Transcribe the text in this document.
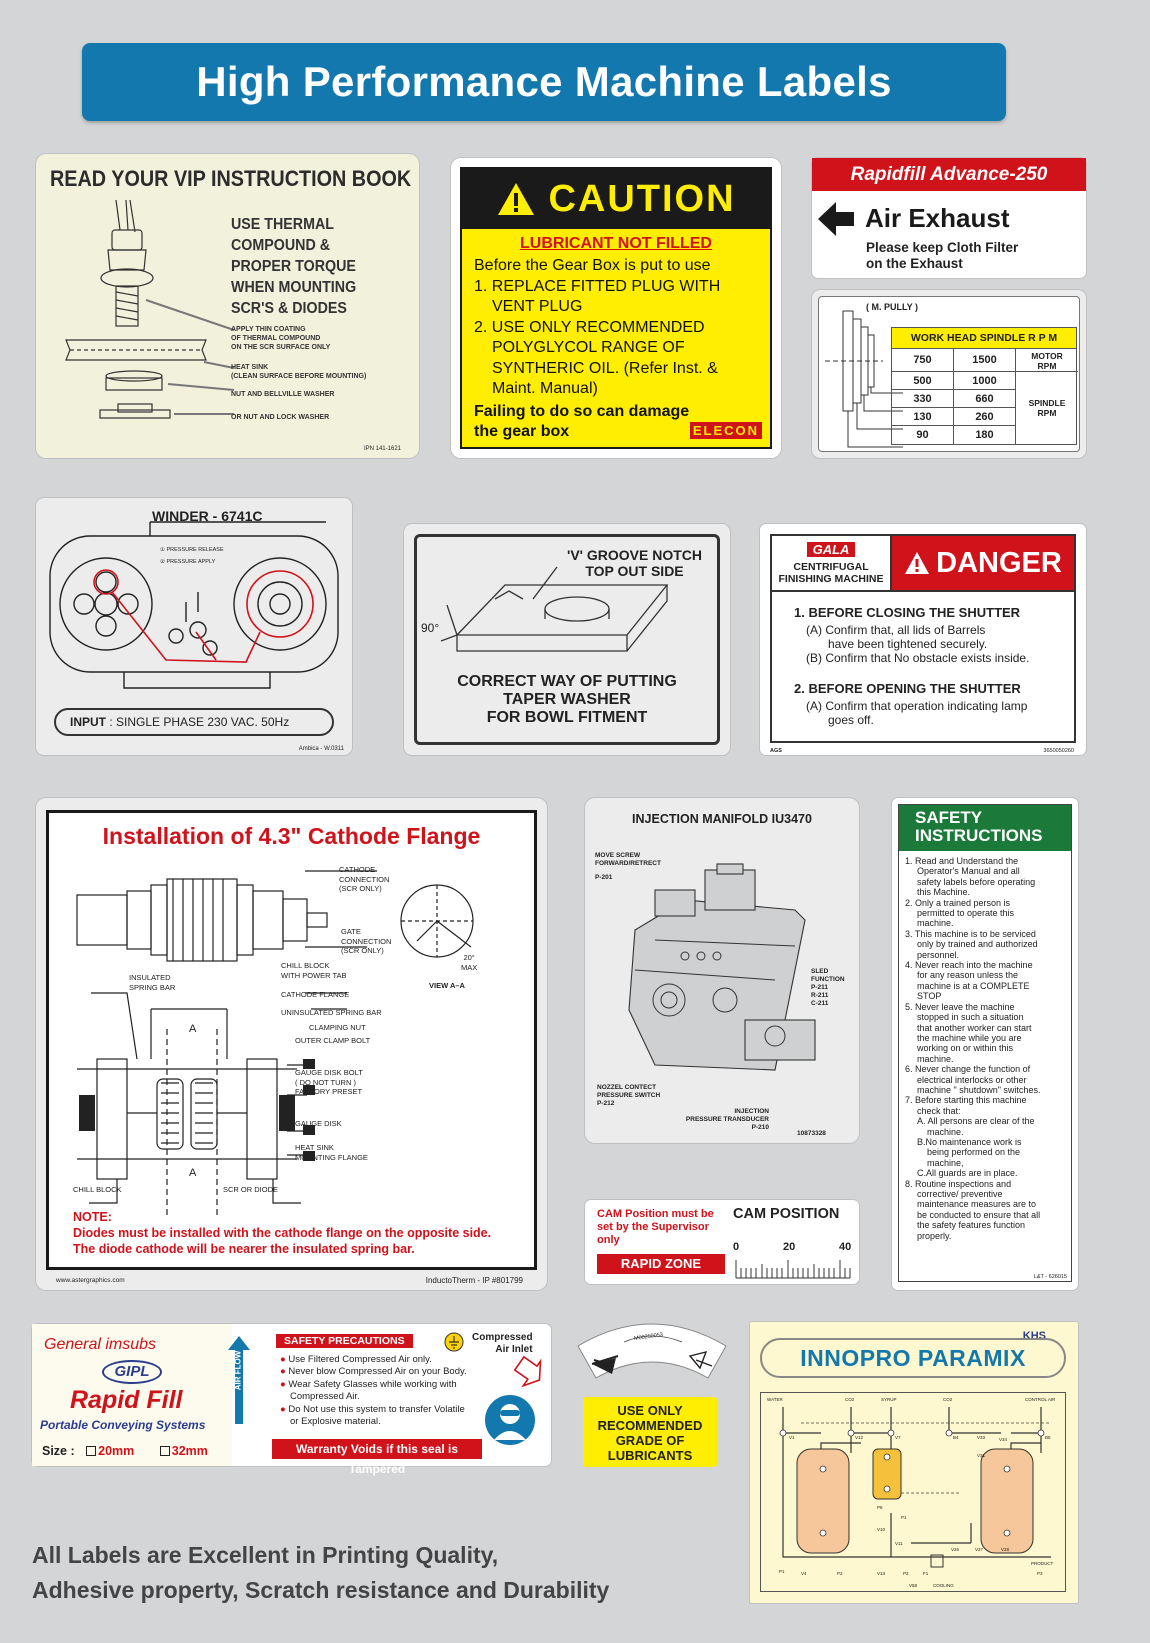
High Performance Machine Labels
READ YOUR VIP INSTRUCTION BOOK
USE THERMAL
COMPOUND &
PROPER TORQUE
WHEN MOUNTING
SCR'S & DIODES
APPLY THIN COATING
OF THERMAL COMPOUND
ON THE SCR SURFACE ONLY
HEAT SINK
(CLEAN SURFACE BEFORE MOUNTING)
NUT AND BELLVILLE WASHER
OR NUT AND LOCK WASHER
IPN 141-1621
CAUTION
LUBRICANT NOT FILLED
Before the Gear Box is put to use
1. REPLACE FITTED PLUG WITH
VENT PLUG
2. USE ONLY RECOMMENDED
POLYGLYCOL RANGE OF
SYNTHERIC OIL. (Refer Inst. &
Maint. Manual)
Failing to do so can damage
the gear box	ELECON
Rapidfill Advance-250
Air Exhaust
Please keep Cloth Filter
on the Exhaust
( M. PULLY )
WORK HEAD SPINDLE R P M
750	1500	MOTOR
RPM
500	1000
SPINDLE
RPM
330	660
130	260
90	180
WINDER - 6741C
① PRESSURE RELEASE
② PRESSURE APPLY
INPUT : SINGLE PHASE 230 VAC. 50Hz
Ambica - W.0311
'V' GROOVE NOTCH
TOP OUT SIDE
90°
CORRECT WAY OF PUTTING
TAPER WASHER
FOR BOWL FITMENT
GALA
CENTRIFUGAL
FINISHING MACHINE
DANGER
1. BEFORE CLOSING THE SHUTTER
(A) Confirm that, all lids of Barrels
have been tightened securely.
(B) Confirm that No obstacle exists inside.
2. BEFORE OPENING THE SHUTTER
(A) Confirm that operation indicating lamp
goes off.
AGS	3650050260
Installation of 4.3" Cathode Flange
CATHODE
CONNECTION
(SCR ONLY)
GATE
CONNECTION
(SCR ONLY)
20°
MAX
VIEW A–A
INSULATED
SPRING BAR
CHILL BLOCK
WITH POWER TAB
CATHODE FLANGE
UNINSULATED SPRING BAR
CLAMPING NUT
OUTER CLAMP BOLT
GAUGE DISK BOLT
( DO NOT TURN )
FACTORY PRESET
GAUGE DISK
HEAT SINK
MOUNTING FLANGE
CHILL BLOCK	SCR OR DIODE
A
A
NOTE:
Diodes must be installed with the cathode flange on the opposite side.
The diode cathode will be nearer the insulated spring bar.
www.astergraphics.com	InductoTherm - IP #801799
INJECTION MANIFOLD IU3470
MOVE SCREW
FORWARD/RETRECT
P-201
SLED
FUNCTION
P-211
R-211
C-211
NOZZEL CONTECT
PRESSURE SWITCH
P-212
INJECTION
PRESSURE TRANSDUCER
P-210
10873328
CAM Position must be
set by the Supervisor
only
RAPID ZONE
CAM POSITION
0	20	40
SAFETY
INSTRUCTIONS
1. Read and Understand the
Operator's Manual and all
safety labels before operating
this Machine.
2. Only a trained person is
permitted to operate this
machine.
3. This machine is to be serviced
only by trained and authorized
personnel.
4. Never reach into the machine
for any reason unless the
machine is at a COMPLETE
STOP
5. Never leave the machine
stopped in such a situation
that another worker can start
the machine while you are
working on or within this
machine.
6. Never change the function of
electrical interlocks or other
machine " shutdown" switches.
7. Before starting this machine
check that:
A. All persons are clear of the
machine.
B.No maintenance work is
being performed on the
machine,
C.All guards are in place.
8. Routine inspections and
corrective/ preventive
maintenance measures are to
be conducted to ensure that all
the safety features function
properly.
L&T - 626015
General imsubs
GIPL
Rapid Fill
Portable Conveying Systems
Size : 20mm	32mm
AIR FLOW
SAFETY PRECAUTIONS	Compressed
Air Inlet
● Use Filtered Compressed Air only.
● Never blow Compressed Air on your Body.
● Wear Safety Glasses while working with
Compressed Air.
● Do Not use this system to transfer Volatile
or Explosive material.
Warranty Voids if this seal is Tampered
M00250053
USE ONLY
RECOMMENDED
GRADE OF
LUBRICANTS
KHS
INNOPRO PARAMIX
WATER	CO2	SYRUP	CO2	CONTROL AIR
V1	V12	V7	B4	V33	V34	B5
V31
P6
P1
V10
V11
V26	V27	V28
P1	V4	P2	V13	P2	F1
V58	COOLING
PRODUCT
P3
All Labels are Excellent in Printing Quality,
Adhesive property, Scratch resistance and Durability
